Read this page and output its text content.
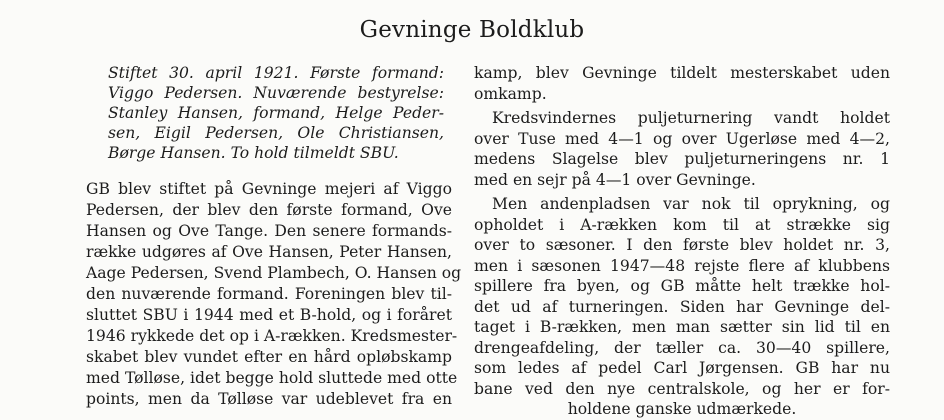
Gevninge Boldklub
Stiftet 30. april 1921. Første formand:
Viggo Pedersen. Nuværende bestyrelse:
Stanley Hansen, formand, Helge Peder-
sen, Eigil Pedersen, Ole Christiansen,
Børge Hansen. To hold tilmeldt SBU.
GB blev stiftet på Gevninge mejeri af Viggo
Pedersen, der blev den første formand, Ove
Hansen og Ove Tange. Den senere formands-
række udgøres af Ove Hansen, Peter Hansen,
Aage Pedersen, Svend Plambech, O. Hansen og
den nuværende formand. Foreningen blev til-
sluttet SBU i 1944 med et B-hold, og i foråret
1946 rykkede det op i A-rækken. Kredsmester-
skabet blev vundet efter en hård opløbskamp
med Tølløse, idet begge hold sluttede med otte
points, men da Tølløse var udeblevet fra en
kamp, blev Gevninge tildelt mesterskabet uden
omkamp.
Kredsvindernes puljeturnering vandt holdet
over Tuse med 4—1 og over Ugerløse med 4—2,
medens Slagelse blev puljeturneringens nr. 1
med en sejr på 4—1 over Gevninge.
Men andenpladsen var nok til oprykning, og
opholdet i A-rækken kom til at strække sig
over to sæsoner. I den første blev holdet nr. 3,
men i sæsonen 1947—48 rejste flere af klubbens
spillere fra byen, og GB måtte helt trække hol-
det ud af turneringen. Siden har Gevninge del-
taget i B-rækken, men man sætter sin lid til en
drengeafdeling, der tæller ca. 30—40 spillere,
som ledes af pedel Carl Jørgensen. GB har nu
bane ved den nye centralskole, og her er for-
holdene ganske udmærkede.
